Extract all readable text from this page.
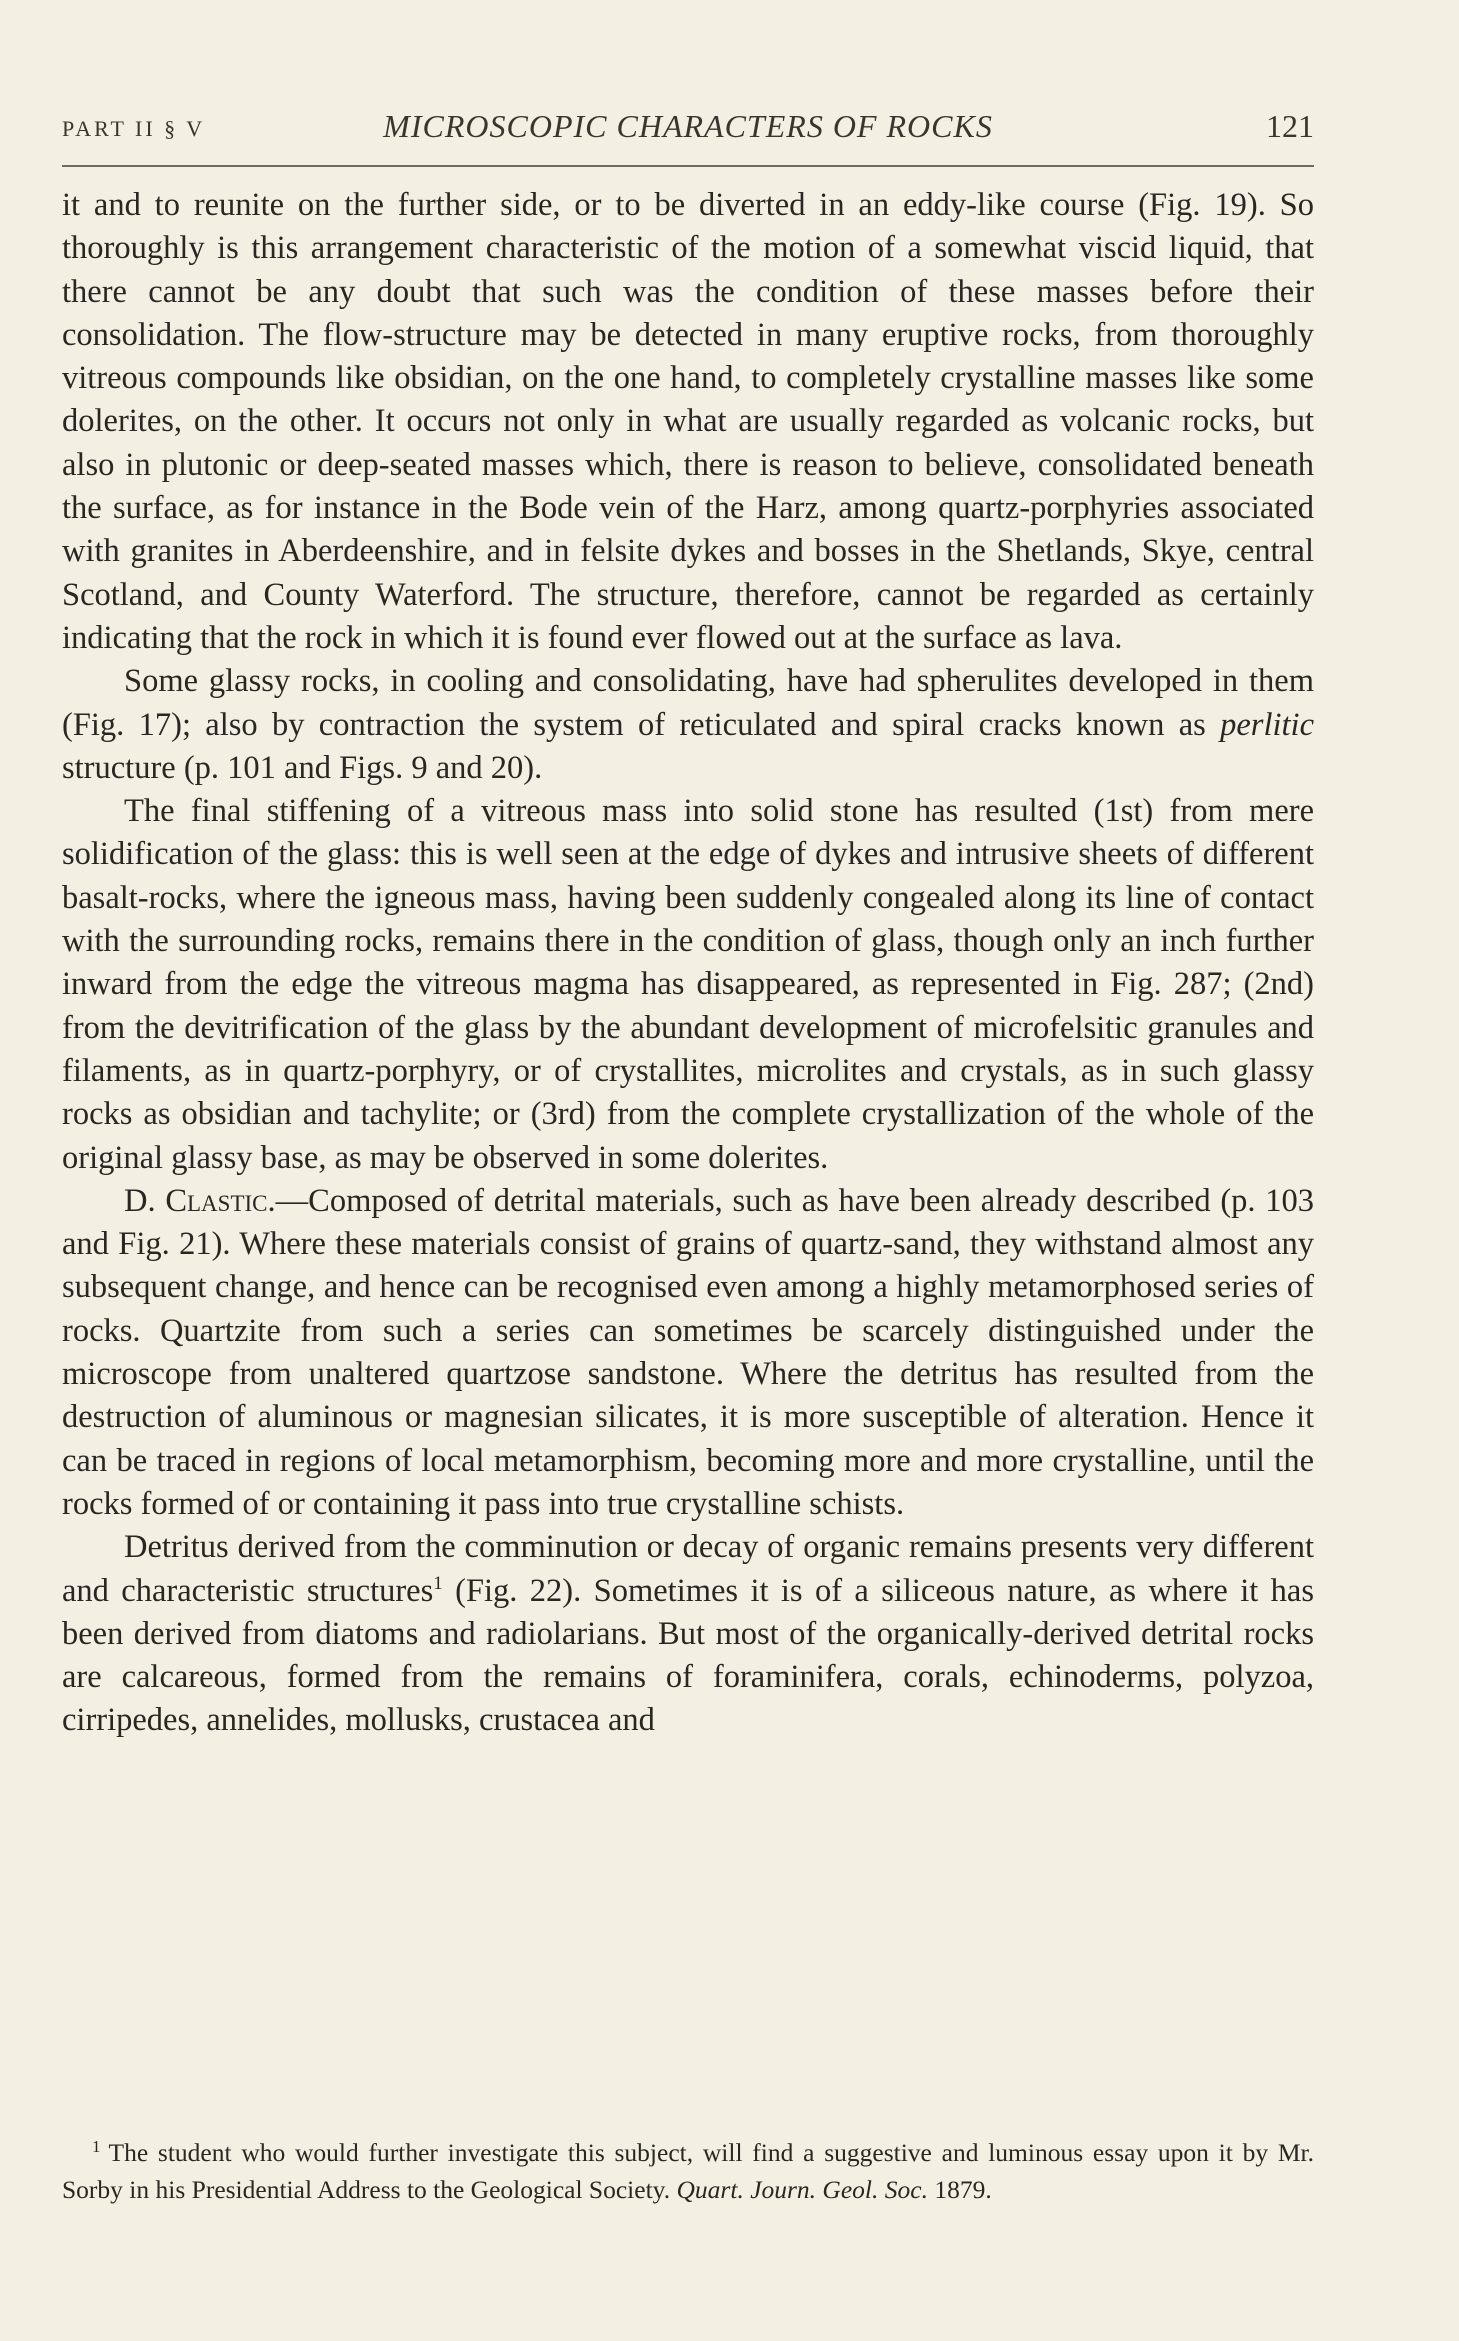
PART II § V	MICROSCOPIC CHARACTERS OF ROCKS	121

it and to reunite on the further side, or to be diverted in an eddy-like course (Fig. 19). So thoroughly is this arrangement characteristic of the motion of a somewhat viscid liquid, that there cannot be any doubt that such was the condition of these masses before their consolidation. The flow-structure may be detected in many eruptive rocks, from thoroughly vitreous compounds like obsidian, on the one hand, to completely crystalline masses like some dolerites, on the other. It occurs not only in what are usually regarded as volcanic rocks, but also in plutonic or deep-seated masses which, there is reason to believe, consolidated beneath the surface, as for instance in the Bode vein of the Harz, among quartz-porphyries associated with granites in Aberdeenshire, and in felsite dykes and bosses in the Shetlands, Skye, central Scotland, and County Waterford. The structure, therefore, cannot be regarded as certainly indicating that the rock in which it is found ever flowed out at the surface as lava.

Some glassy rocks, in cooling and consolidating, have had spherulites developed in them (Fig. 17); also by contraction the system of reticulated and spiral cracks known as perlitic structure (p. 101 and Figs. 9 and 20).

The final stiffening of a vitreous mass into solid stone has resulted (1st) from mere solidification of the glass: this is well seen at the edge of dykes and intrusive sheets of different basalt-rocks, where the igneous mass, having been suddenly congealed along its line of contact with the surrounding rocks, remains there in the condition of glass, though only an inch further inward from the edge the vitreous magma has disappeared, as represented in Fig. 287; (2nd) from the devitrification of the glass by the abundant development of microfelsitic granules and filaments, as in quartz-porphyry, or of crystallites, microlites and crystals, as in such glassy rocks as obsidian and tachylite; or (3rd) from the complete crystallization of the whole of the original glassy base, as may be observed in some dolerites.

D. Clastic.—Composed of detrital materials, such as have been already described (p. 103 and Fig. 21). Where these materials consist of grains of quartz-sand, they withstand almost any subsequent change, and hence can be recognised even among a highly metamorphosed series of rocks. Quartzite from such a series can sometimes be scarcely distinguished under the microscope from unaltered quartzose sandstone. Where the detritus has resulted from the destruction of aluminous or magnesian silicates, it is more susceptible of alteration. Hence it can be traced in regions of local metamorphism, becoming more and more crystalline, until the rocks formed of or containing it pass into true crystalline schists.

Detritus derived from the comminution or decay of organic remains presents very different and characteristic structures$^1$ (Fig. 22). Sometimes it is of a siliceous nature, as where it has been derived from diatoms and radiolarians. But most of the organically-derived detrital rocks are calcareous, formed from the remains of foraminifera, corals, echinoderms, polyzoa, cirripedes, annelides, mollusks, crustacea and

$^1$ The student who would further investigate this subject, will find a suggestive and luminous essay upon it by Mr. Sorby in his Presidential Address to the Geological Society. Quart. Journ. Geol. Soc. 1879.
